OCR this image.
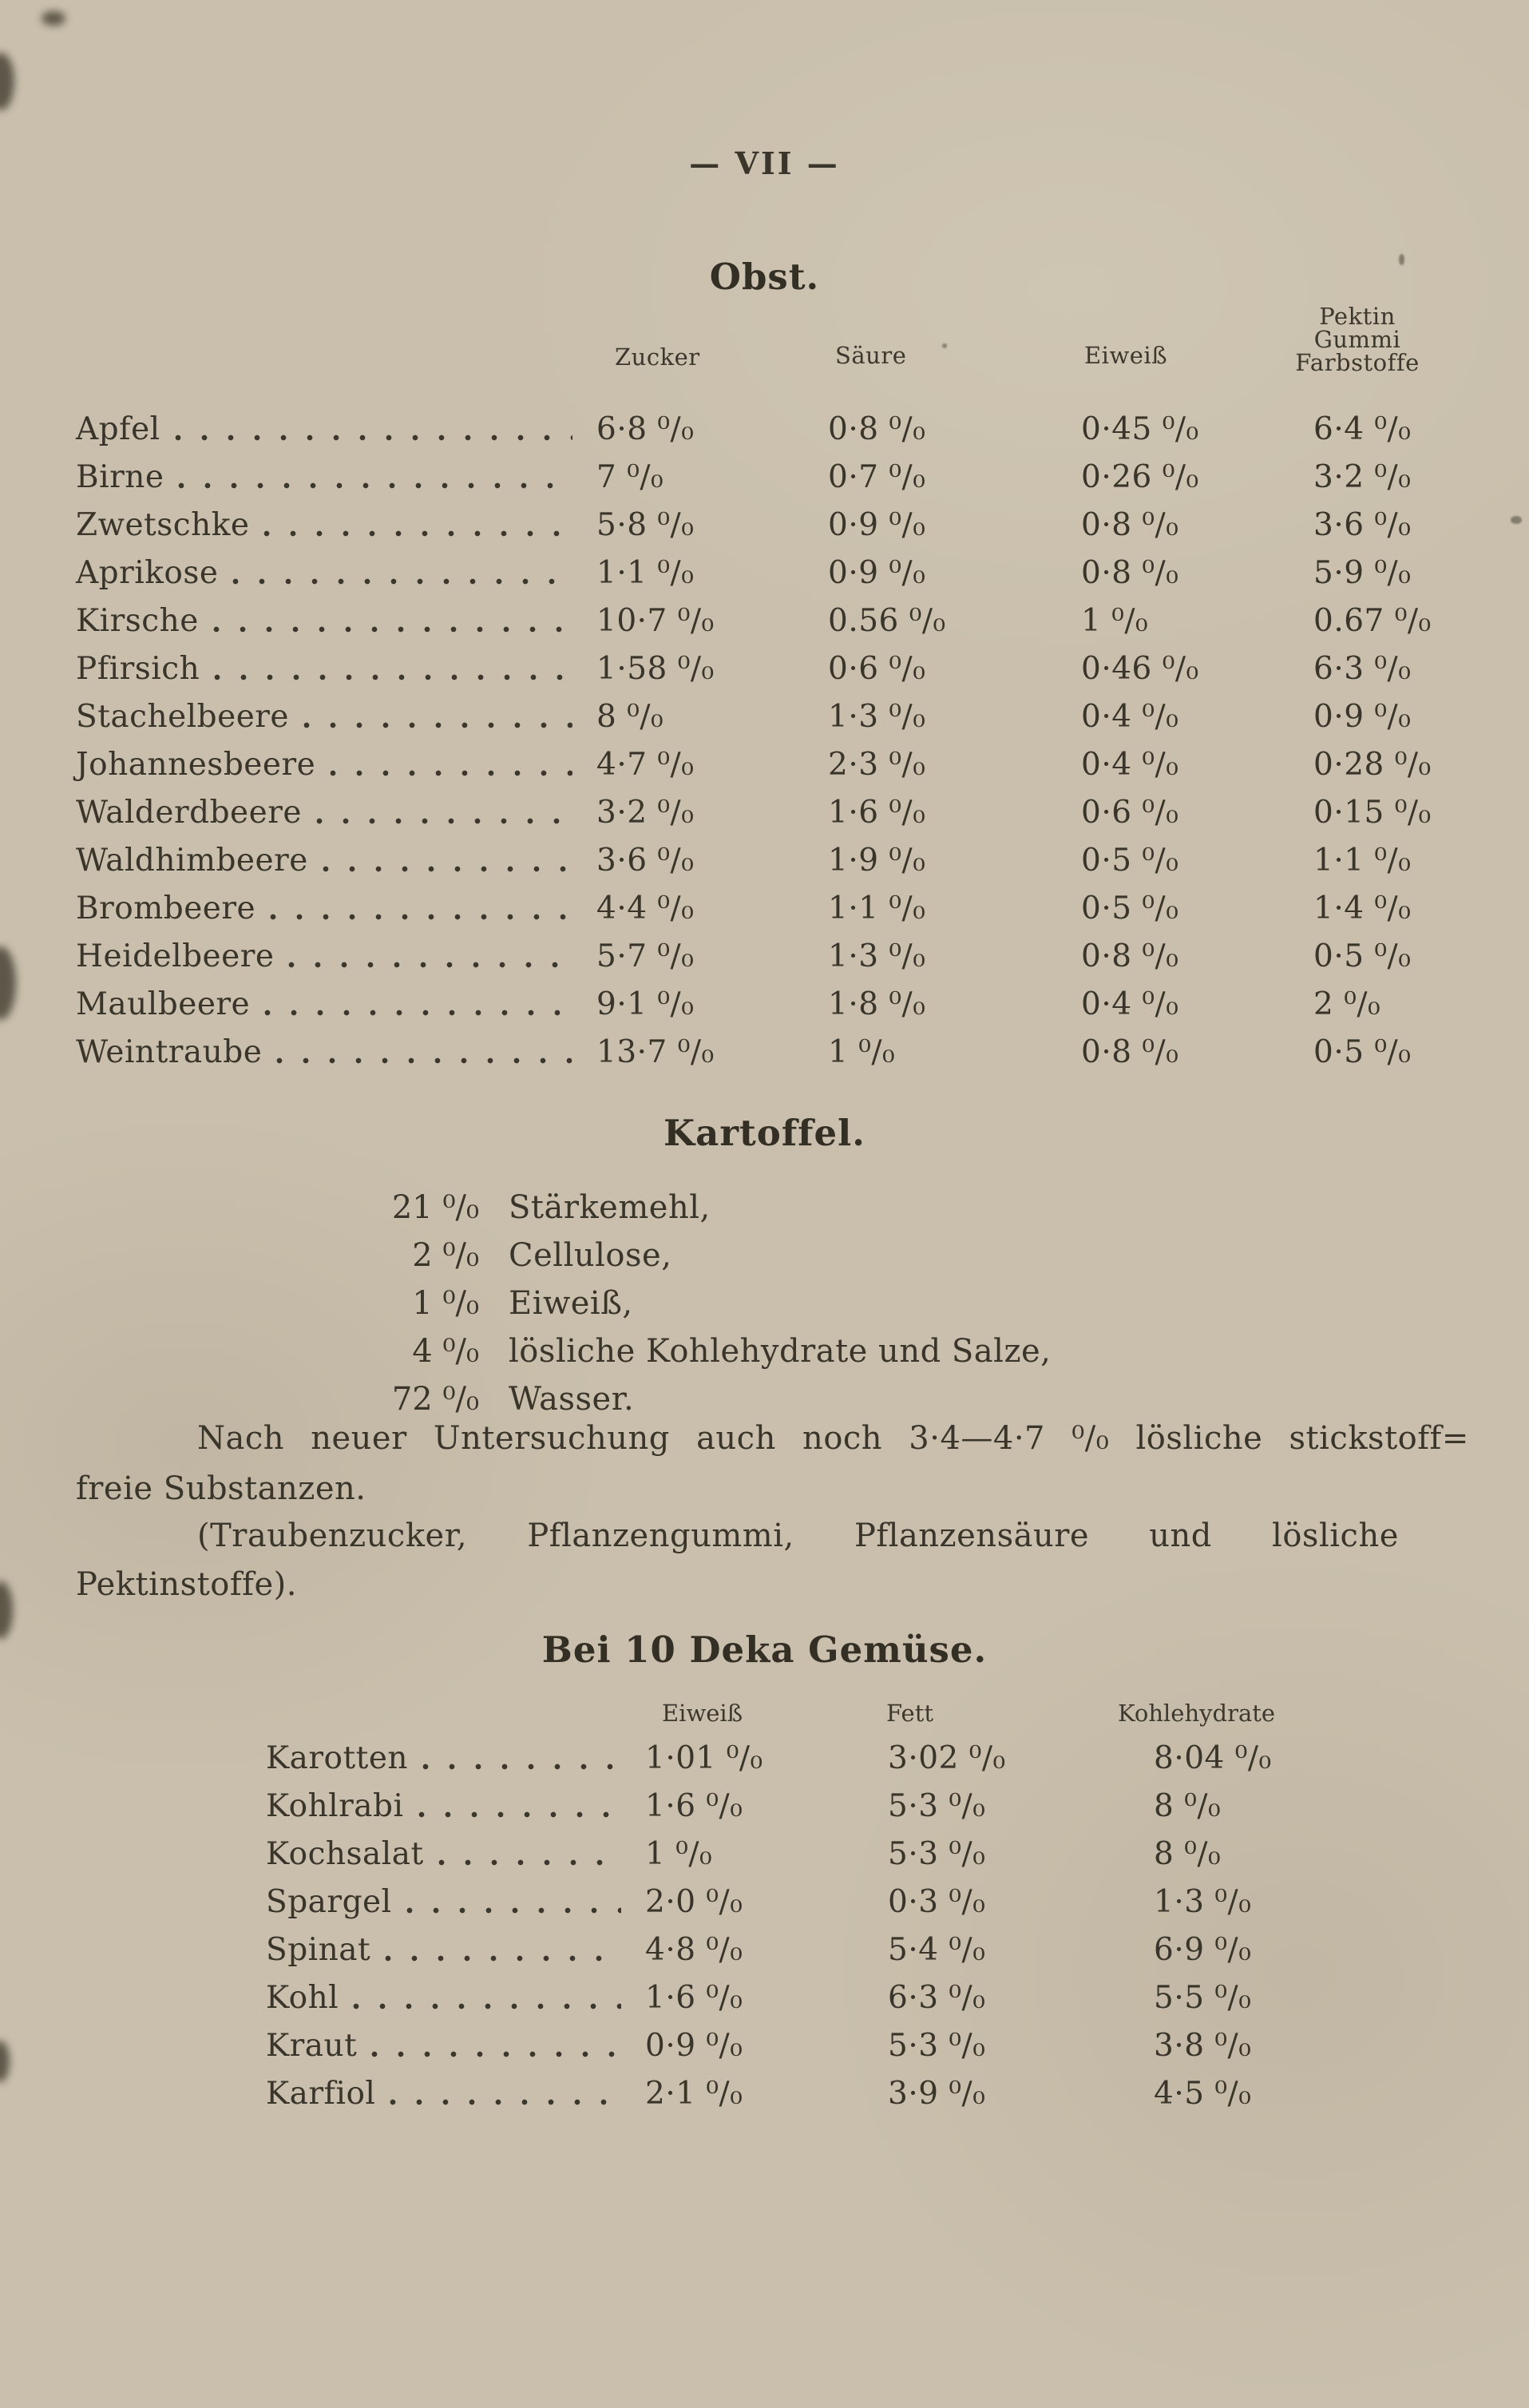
— VII —
Obst.
Zucker	Säure	Eiweiß
Pektin
Gummi
Farbstoffe
Apfel	6·8 ⁰/₀	0·8 ⁰/₀	0·45 ⁰/₀	6·4 ⁰/₀
Birne	7 ⁰/₀	0·7 ⁰/₀	0·26 ⁰/₀	3·2 ⁰/₀
Zwetschke	5·8 ⁰/₀	0·9 ⁰/₀	0·8 ⁰/₀	3·6 ⁰/₀
Aprikose	1·1 ⁰/₀	0·9 ⁰/₀	0·8 ⁰/₀	5·9 ⁰/₀
Kirsche	10·7 ⁰/₀	0.56 ⁰/₀	1 ⁰/₀	0.67 ⁰/₀
Pfirsich	1·58 ⁰/₀	0·6 ⁰/₀	0·46 ⁰/₀	6·3 ⁰/₀
Stachelbeere	8 ⁰/₀	1·3 ⁰/₀	0·4 ⁰/₀	0·9 ⁰/₀
Johannesbeere	4·7 ⁰/₀	2·3 ⁰/₀	0·4 ⁰/₀	0·28 ⁰/₀
Walderdbeere	3·2 ⁰/₀	1·6 ⁰/₀	0·6 ⁰/₀	0·15 ⁰/₀
Waldhimbeere	3·6 ⁰/₀	1·9 ⁰/₀	0·5 ⁰/₀	1·1 ⁰/₀
Brombeere	4·4 ⁰/₀	1·1 ⁰/₀	0·5 ⁰/₀	1·4 ⁰/₀
Heidelbeere	5·7 ⁰/₀	1·3 ⁰/₀	0·8 ⁰/₀	0·5 ⁰/₀
Maulbeere	9·1 ⁰/₀	1·8 ⁰/₀	0·4 ⁰/₀	2 ⁰/₀
Weintraube	13·7 ⁰/₀	1 ⁰/₀	0·8 ⁰/₀	0·5 ⁰/₀
Kartoffel.
21 ⁰/₀ Stärkemehl,
2 ⁰/₀ Cellulose,
1 ⁰/₀ Eiweiß,
4 ⁰/₀ lösliche Kohlehydrate und Salze,
72 ⁰/₀ Wasser.
Nach neuer Untersuchung auch noch 3·4—4·7 ⁰/₀ lösliche stickstoff=
freie Substanzen.
(Traubenzucker, Pflanzengummi, Pflanzensäure und lösliche
Pektinstoffe).
Bei 10 Deka Gemüse.
Eiweiß	Fett	Kohlehydrate
Karotten	1·01 ⁰/₀	3·02 ⁰/₀	8·04 ⁰/₀
Kohlrabi	1·6 ⁰/₀	5·3 ⁰/₀	8 ⁰/₀
Kochsalat	1 ⁰/₀	5·3 ⁰/₀	8 ⁰/₀
Spargel	2·0 ⁰/₀	0·3 ⁰/₀	1·3 ⁰/₀
Spinat	4·8 ⁰/₀	5·4 ⁰/₀	6·9 ⁰/₀
Kohl	1·6 ⁰/₀	6·3 ⁰/₀	5·5 ⁰/₀
Kraut	0·9 ⁰/₀	5·3 ⁰/₀	3·8 ⁰/₀
Karfiol	2·1 ⁰/₀	3·9 ⁰/₀	4·5 ⁰/₀
